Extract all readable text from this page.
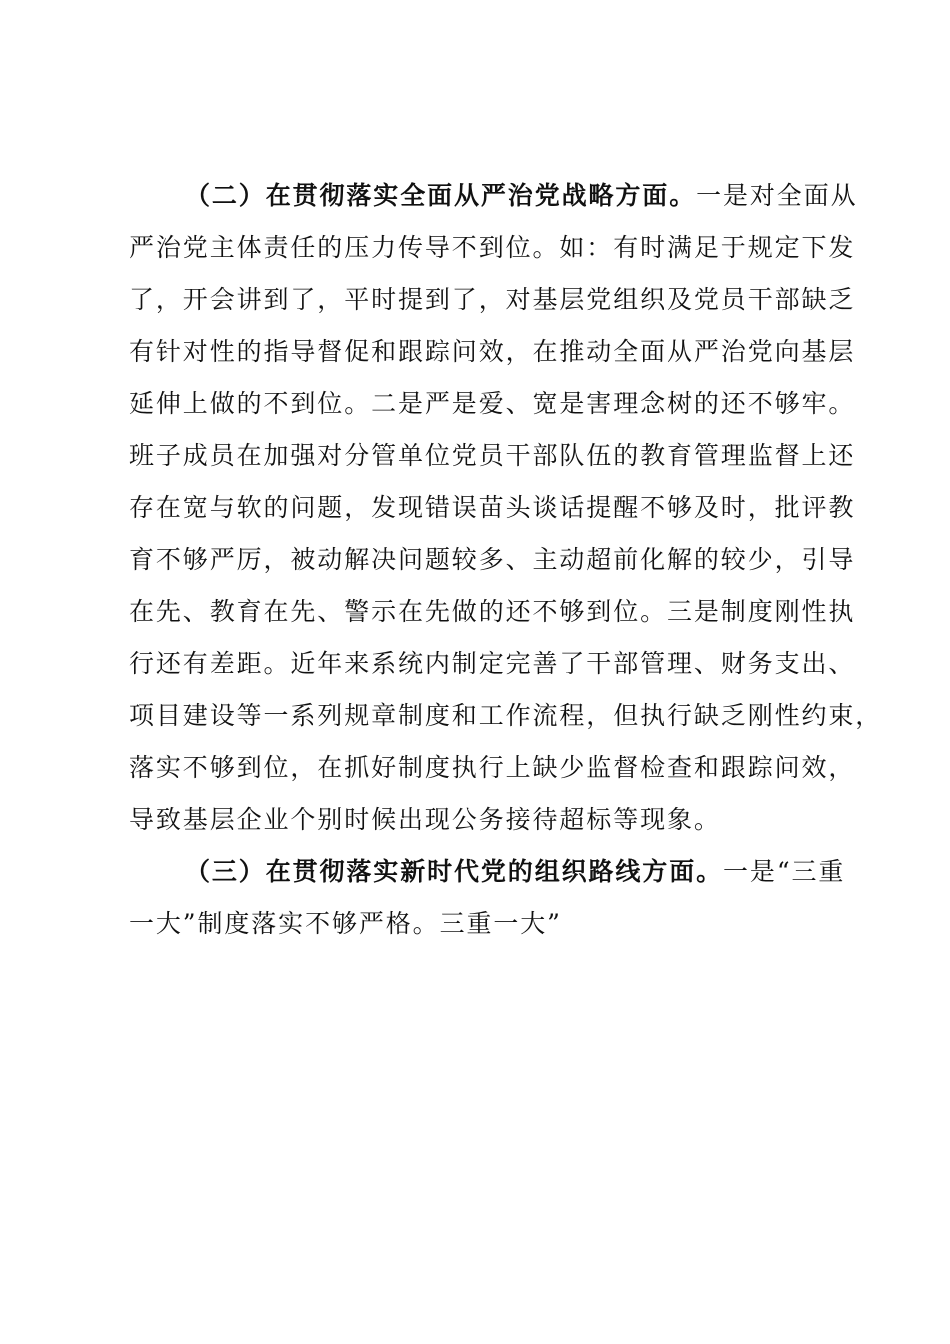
（二）在贯彻落实全面从严治党战略方面。一是对全面从
严治党主体责任的压力传导不到位。如：有时满足于规定下发
了，开会讲到了，平时提到了，对基层党组织及党员干部缺乏
有针对性的指导督促和跟踪问效，在推动全面从严治党向基层
延伸上做的不到位。二是严是爱、宽是害理念树的还不够牢。
班子成员在加强对分管单位党员干部队伍的教育管理监督上还
存在宽与软的问题，发现错误苗头谈话提醒不够及时，批评教
育不够严厉，被动解决问题较多、主动超前化解的较少，引导
在先、教育在先、警示在先做的还不够到位。三是制度刚性执
行还有差距。近年来系统内制定完善了干部管理、财务支出、
项目建设等一系列规章制度和工作流程，但执行缺乏刚性约束，
落实不够到位，在抓好制度执行上缺少监督检查和跟踪问效，
导致基层企业个别时候出现公务接待超标等现象。
（三）在贯彻落实新时代党的组织路线方面。一是“三重
一大”制度落实不够严格。三重一大”
